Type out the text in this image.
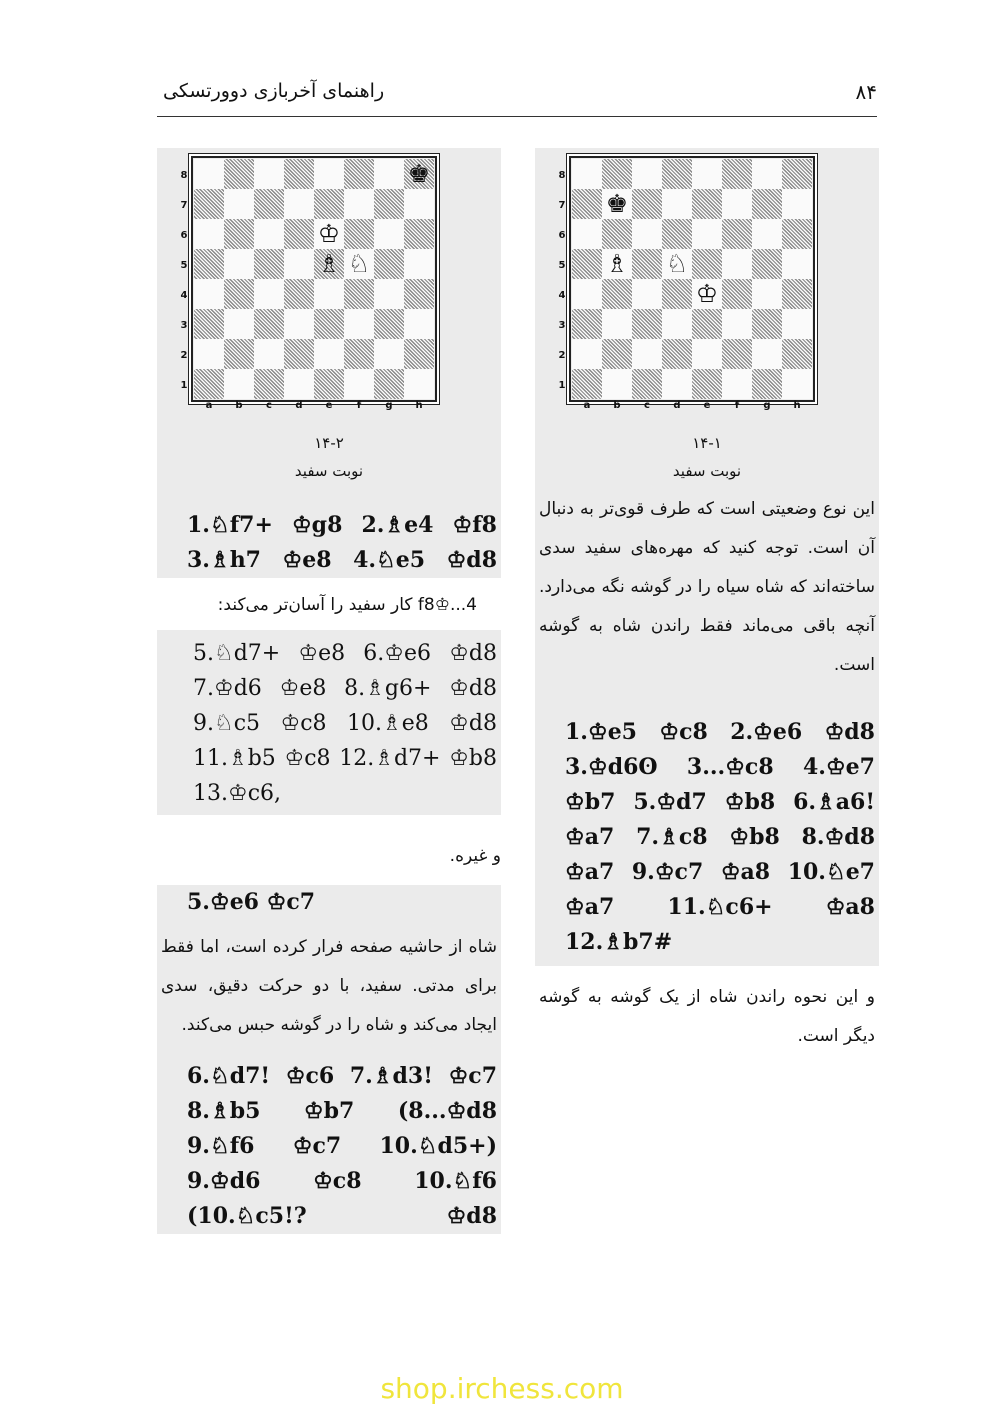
راهنمای آخربازی دوورتسکی	۸۴
♚
♔
♗ ♘
8
7
6
5
4
3
2
1
a	b	c	d	e	f	g	h
۱۴-۲
نوبت سفید
1.♘f7+ ♔g8 2.♗e4 ♔f8 3.♗h7 ♔e8 4.♘e5 ♔d8
4...♔f8 کار سفید را آسان‌تر می‌کند:
5.♘d7+ ♔e8 6.♔e6 ♔d8 7.♔d6 ♔e8 8.♗g6+ ♔d8 9.♘c5 ♔c8 10.♗e8 ♔d8 11.♗b5 ♔c8 12.♗d7+ ♔b8 13.♔c6,
و غیره.
5.♔e6 ♔c7
شاه از حاشیه صفحه فرار کرده است، اما فقط برای مدتی. سفید، با دو حرکت دقیق، سدی ایجاد می‌کند و شاه را در گوشه حبس می‌کند.
6.♘d7! ♔c6 7.♗d3! ♔c7 8.♗b5 ♔b7 (8...♔d8 9.♘f6 ♔c7 10.♘d5+) 9.♔d6 ♔c8 10.♘f6 (10.♘c5!? ♔d8
♚
♗ ♘
♔
8
7
6
5
4
3
2
1
a	b	c	d	e	f	g	h
۱۴-۱
نوبت سفید
این نوع وضعیتی است که طرف قوی‌تر به دنبال آن است. توجه کنید که مهره‌های سفید سدی ساخته‌اند که شاه سیاه را در گوشه نگه می‌دارد. آنچه باقی می‌ماند فقط راندن شاه به گوشه است.
1.♔e5 ♔c8 2.♔e6 ♔d8 3.♔d6ʘ 3...♔c8 4.♔e7 ♔b7 5.♔d7 ♔b8 6.♗a6! ♔a7 7.♗c8 ♔b8 8.♔d8 ♔a7 9.♔c7 ♔a8 10.♘e7 ♔a7 11.♘c6+ ♔a8 12.♗b7#
و این نحوه راندن شاه از یک گوشه به گوشه دیگر است.
shop.irchess.com
